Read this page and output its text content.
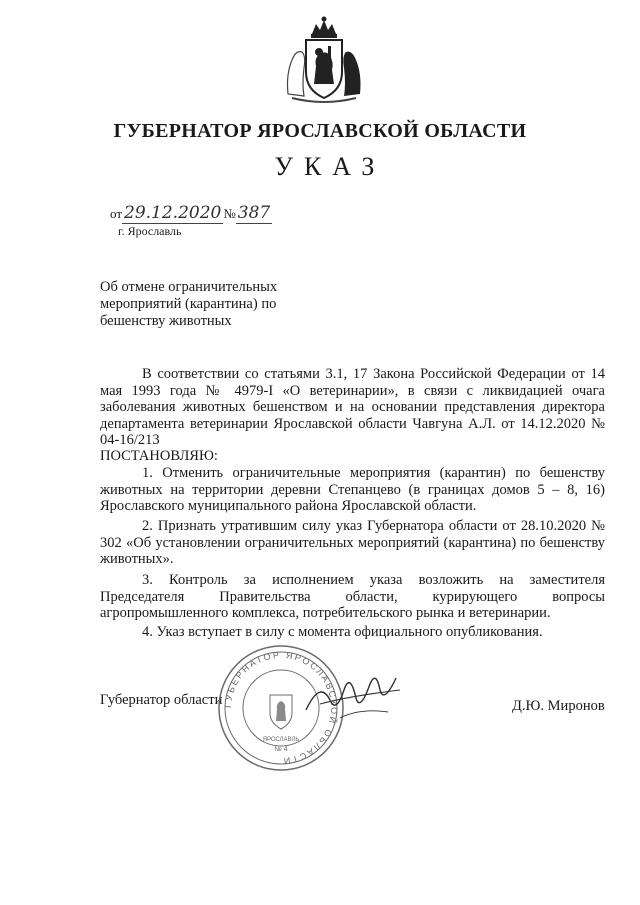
ГУБЕРНАТОР ЯРОСЛАВСКОЙ ОБЛАСТИ
УКАЗ
от 29.12.2020 № 387
г. Ярославль
Об отмене ограничительных
мероприятий (карантина) по
бешенству животных

В соответствии со статьями 3.1, 17 Закона Российской Федерации от 14 мая 1993 года № 4979-I «О ветеринарии», в связи с ликвидацией очага заболевания животных бешенством и на основании представления директора департамента ветеринарии Ярославской области Чавгуна А.Л. от 14.12.2020 № 04-16/213

ПОСТАНОВЛЯЮ:

1. Отменить ограничительные мероприятия (карантин) по бешенству животных на территории деревни Степанцево (в границах домов 5 – 8, 16) Ярославского муниципального района Ярославской области.

2. Признать утратившим силу указ Губернатора области от 28.10.2020 № 302 «Об установлении ограничительных мероприятий (карантина) по бешенству животных».

3. Контроль за исполнением указа возложить на заместителя Председателя Правительства области, курирующего вопросы агропромышленного комплекса, потребительского рынка и ветеринарии.

4. Указ вступает в силу с момента официального опубликования.

Губернатор области ГУБЕРНАТОР ЯРОСЛАВСКОЙ ОБЛАСТИ
ЯРОСЛАВЛЬ
№ 4
Д.Ю. Миронов
